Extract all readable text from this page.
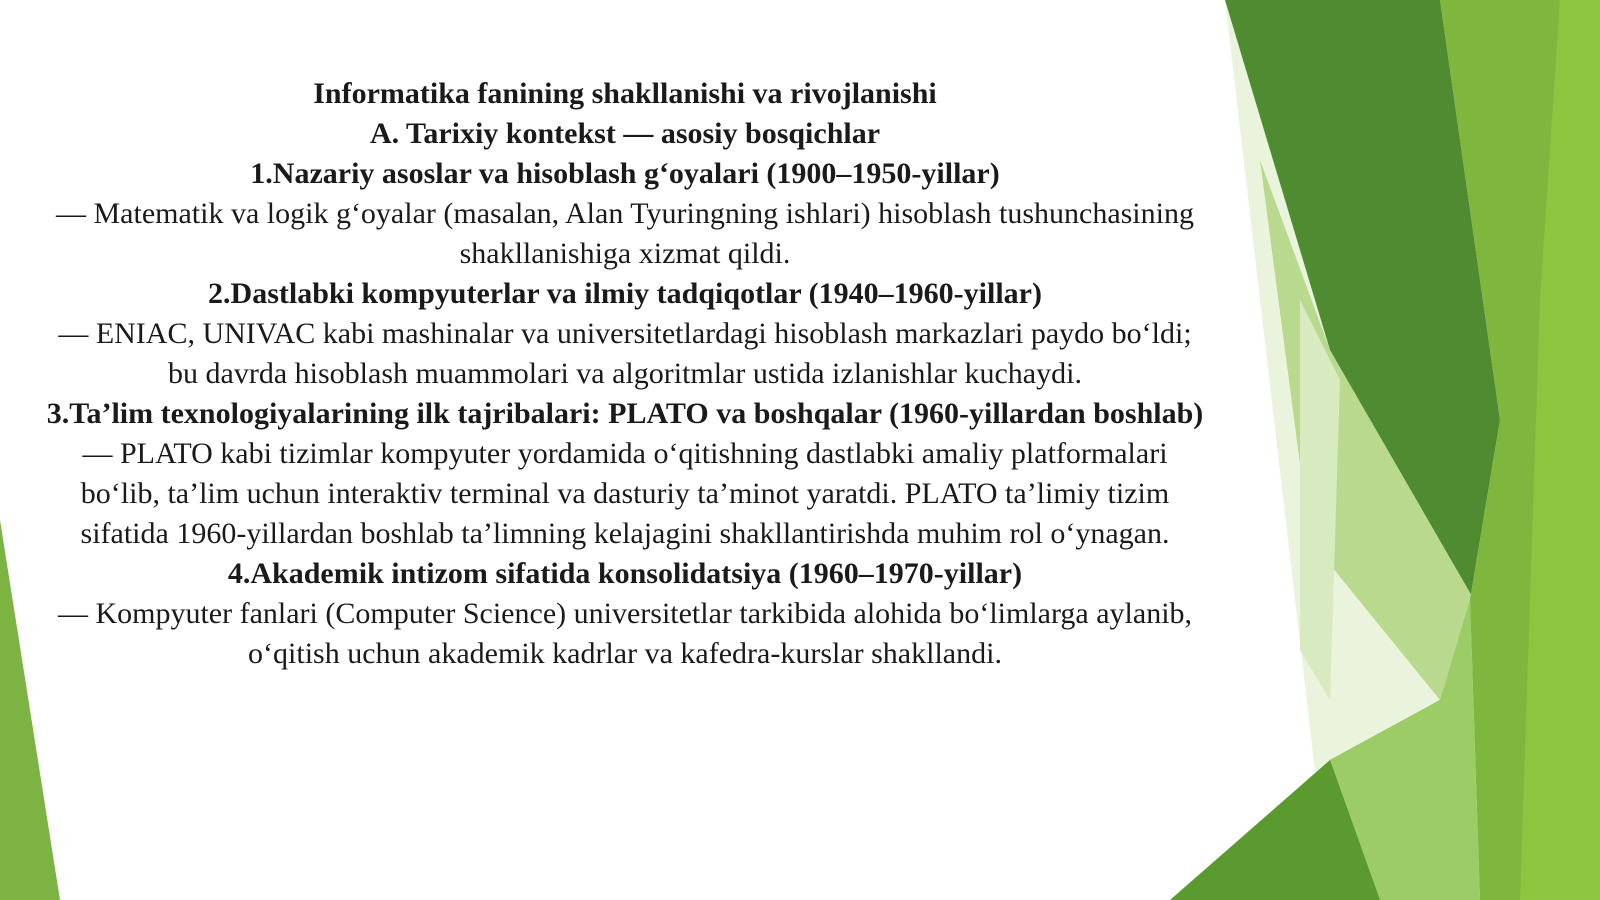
Informatika fanining shakllanishi va rivojlanishi

A. Tarixiy kontekst — asosiy bosqichlar

1.Nazariy asoslar va hisoblash g‘oyalari (1900–1950-yillar)

— Matematik va logik g‘oyalar (masalan, Alan Tyuringning ishlari) hisoblash tushunchasining shakllanishiga xizmat qildi.

2.Dastlabki kompyuterlar va ilmiy tadqiqotlar (1940–1960-yillar)

— ENIAC, UNIVAC kabi mashinalar va universitetlardagi hisoblash markazlari paydo bo‘ldi; bu davrda hisoblash muammolari va algoritmlar ustida izlanishlar kuchaydi.

3.Ta’lim texnologiyalarining ilk tajribalari: PLATO va boshqalar (1960-yillardan boshlab)

— PLATO kabi tizimlar kompyuter yordamida o‘qitishning dastlabki amaliy platformalari bo‘lib, ta’lim uchun interaktiv terminal va dasturiy ta’minot yaratdi. PLATO ta’limiy tizim sifatida 1960-yillardan boshlab ta’limning kelajagini shakllantirishda muhim rol o‘ynagan.

4.Akademik intizom sifatida konsolidatsiya (1960–1970-yillar)

— Kompyuter fanlari (Computer Science) universitetlar tarkibida alohida bo‘limlarga aylanib, o‘qitish uchun akademik kadrlar va kafedra-kurslar shakllandi.
